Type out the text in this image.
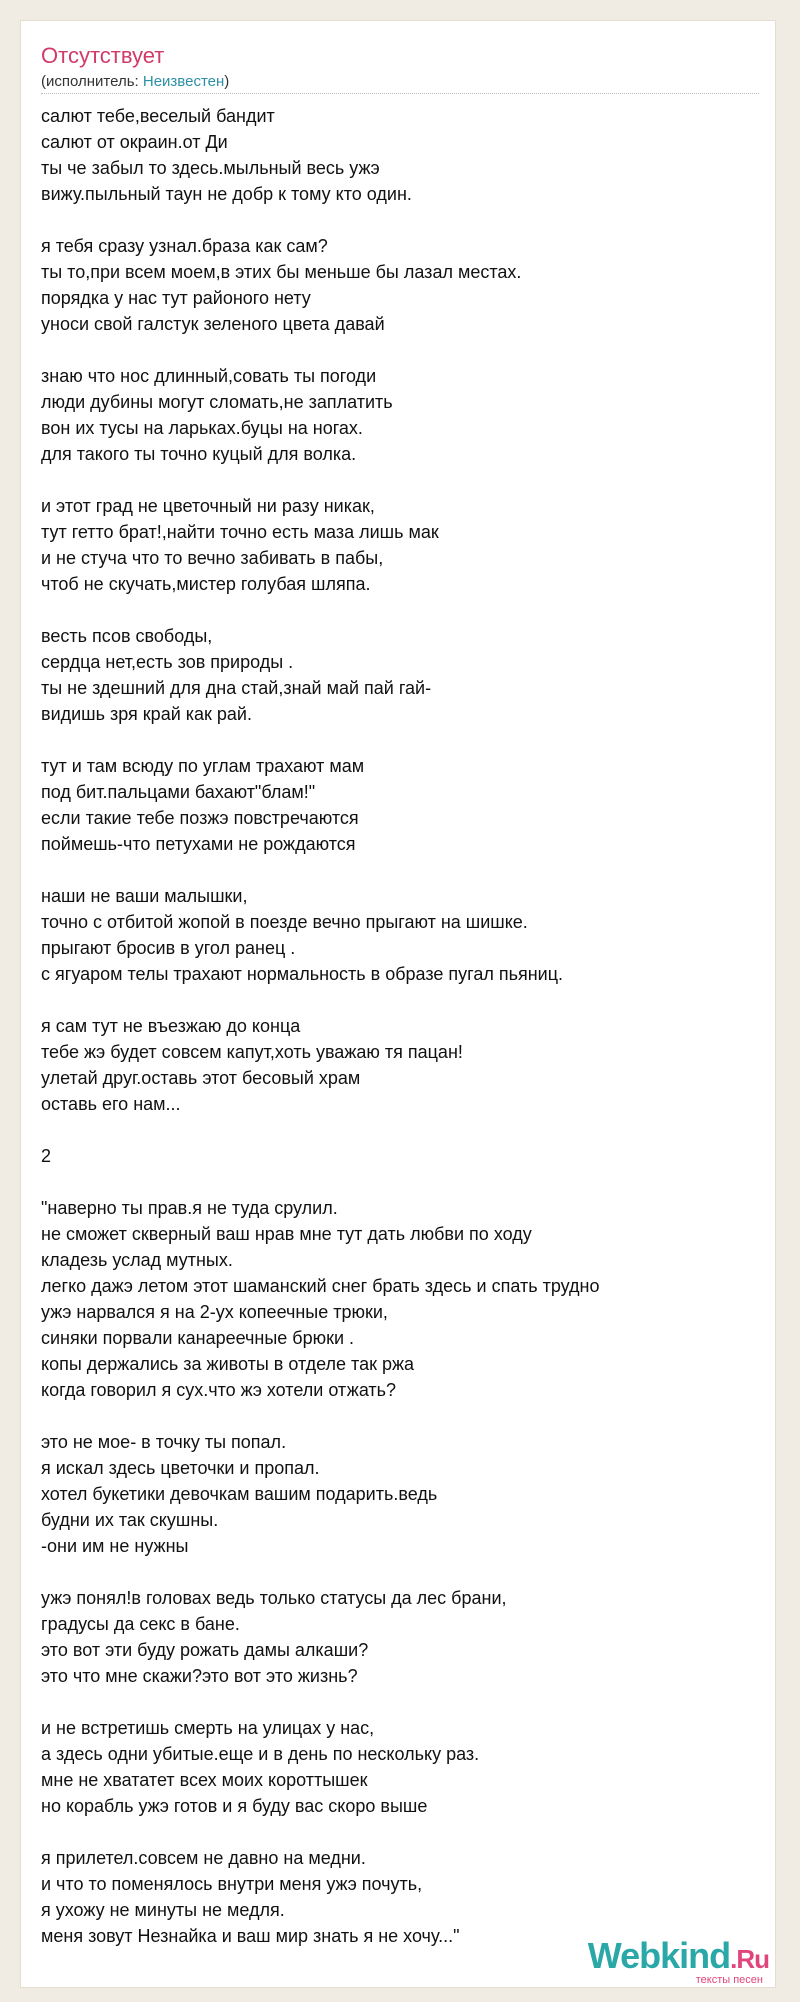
Отсутствует
(исполнитель: Неизвестен)
салют тебе,веселый бандит
салют от окраин.от Ди
ты че забыл то здесь.мыльный весь ужэ
вижу.пыльный таун не добр к тому кто один.
я тебя сразу узнал.браза как сам?
ты то,при всем моем,в этих бы меньше бы лазал местах.
порядка у нас тут районого нету
уноси свой галстук зеленого цвета давай
знаю что нос длинный,совать ты погоди
люди дубины могут сломать,не заплатить
вон их тусы на ларьках.буцы на ногах.
для такого ты точно куцый для волка.
и этот град не цветочный ни разу никак,
тут гетто брат!,найти точно есть маза лишь мак
и не стуча что то вечно забивать в пабы,
чтоб не скучать,мистер голубая шляпа.
весть псов свободы,
сердца нет,есть зов природы .
ты не здешний для дна стай,знай май пай гай-
видишь зря край как рай.
тут и там всюду по углам трахают мам
под бит.пальцами бахают"блам!"
если такие тебе позжэ повстречаются
поймешь-что петухами не рождаются
наши не ваши малышки,
точно с отбитой жопой в поезде вечно прыгают на шишке.
прыгают бросив в угол ранец .
с ягуаром телы трахают нормальность в образе пугал пьяниц.
я сам тут не въезжаю до конца
тебе жэ будет совсем капут,хоть уважаю тя пацан!
улетай друг.оставь этот бесовый храм
оставь его нам...
2
"наверно ты прав.я не туда срулил.
не сможет скверный ваш нрав мне тут дать любви по ходу
кладезь услад мутных.
легко дажэ летом этот шаманский снег брать здесь и спать трудно
ужэ нарвался я на 2-ух копеечные трюки,
синяки порвали канареечные брюки .
копы держались за животы в отделе так ржа
когда говорил я сух.что жэ хотели отжать?
это не мое- в точку ты попал.
я искал здесь цветочки и пропал.
хотел букетики девочкам вашим подарить.ведь
будни их так скушны.
-они им не нужны
ужэ понял!в головах ведь только статусы да лес брани,
градусы да секс в бане.
это вот эти буду рожать дамы алкаши?
это что мне скажи?это вот это жизнь?
и не встретишь смерть на улицах у нас,
а здесь одни убитые.еще и в день по нескольку раз.
мне не хвататет всех моих короттышек
но корабль ужэ готов и я буду вас скоро выше
я прилетел.совсем не давно на медни.
и что то поменялось внутри меня ужэ почуть,
я ухожу не минуты не медля.
меня зовут Незнайка и ваш мир знать я не хочу..."	Webkind.Ru
тексты песен
